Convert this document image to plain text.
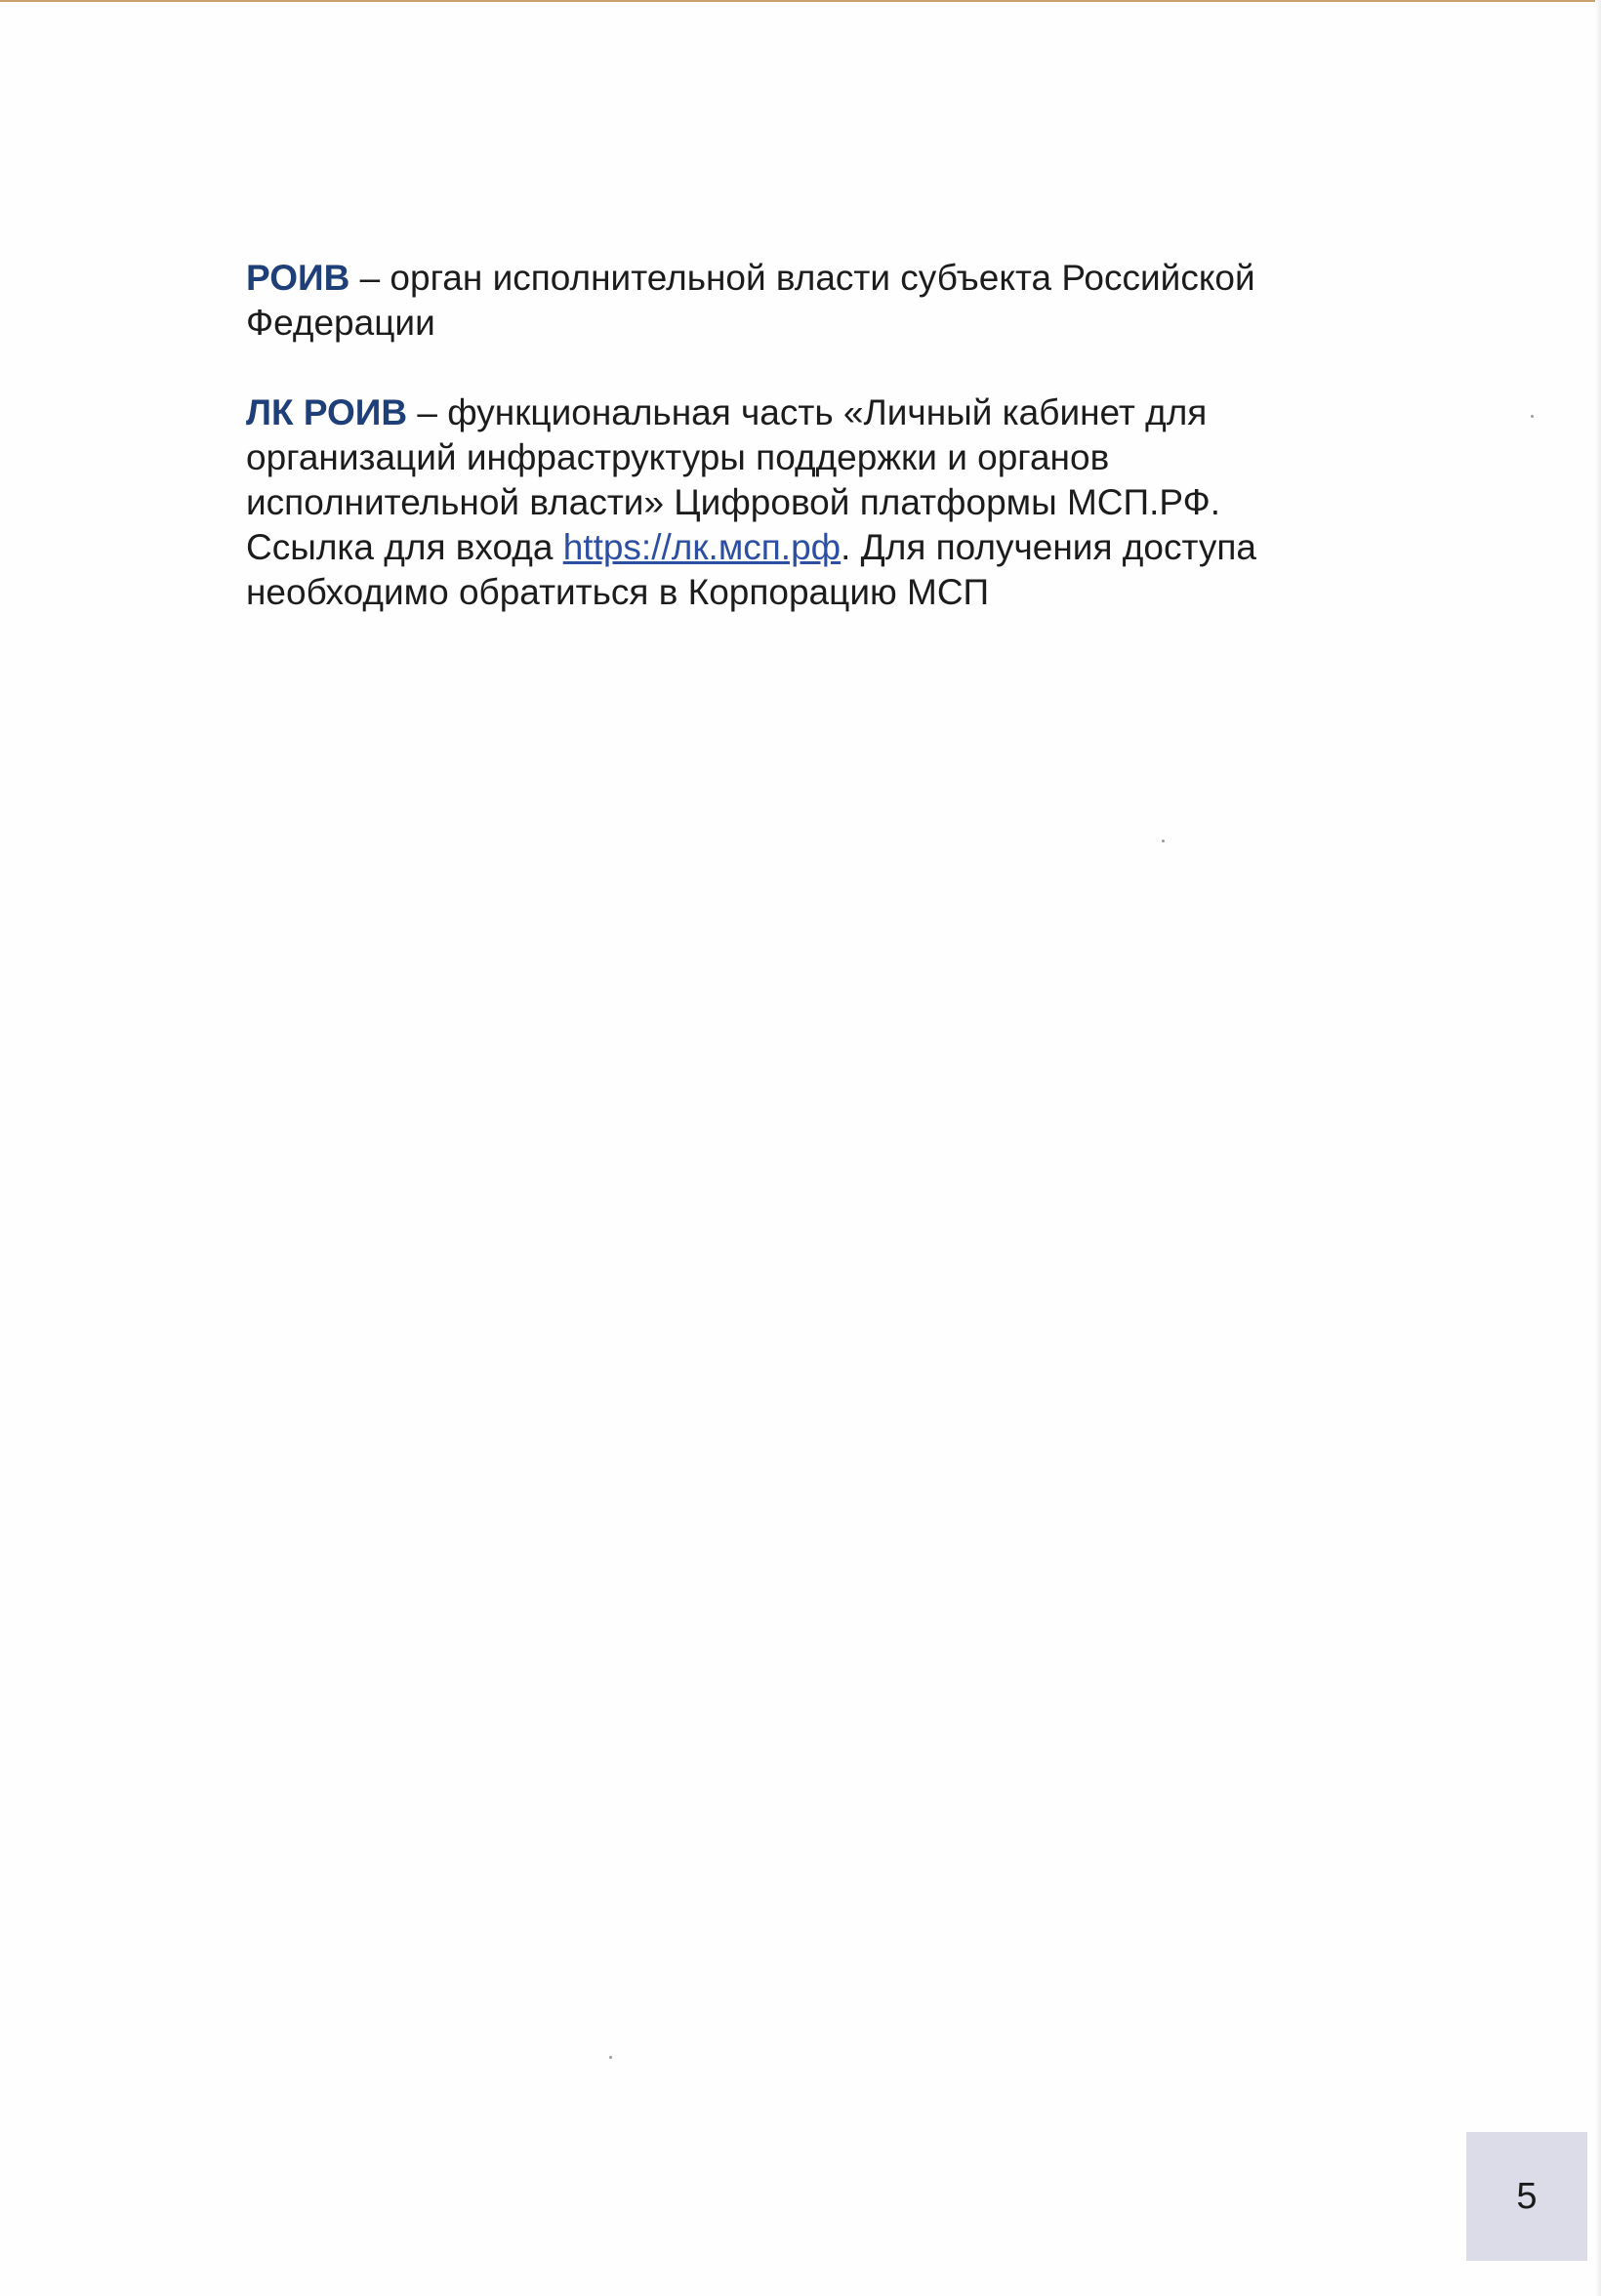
РОИВ – орган исполнительной власти субъекта Российской Федерации

ЛК РОИВ – функциональная часть «Личный кабинет для организаций инфраструктуры поддержки и органов исполнительной власти» Цифровой платформы МСП.РФ. Ссылка для входа https://лк.мсп.рф. Для получения доступа необходимо обратиться в Корпорацию МСП

5
